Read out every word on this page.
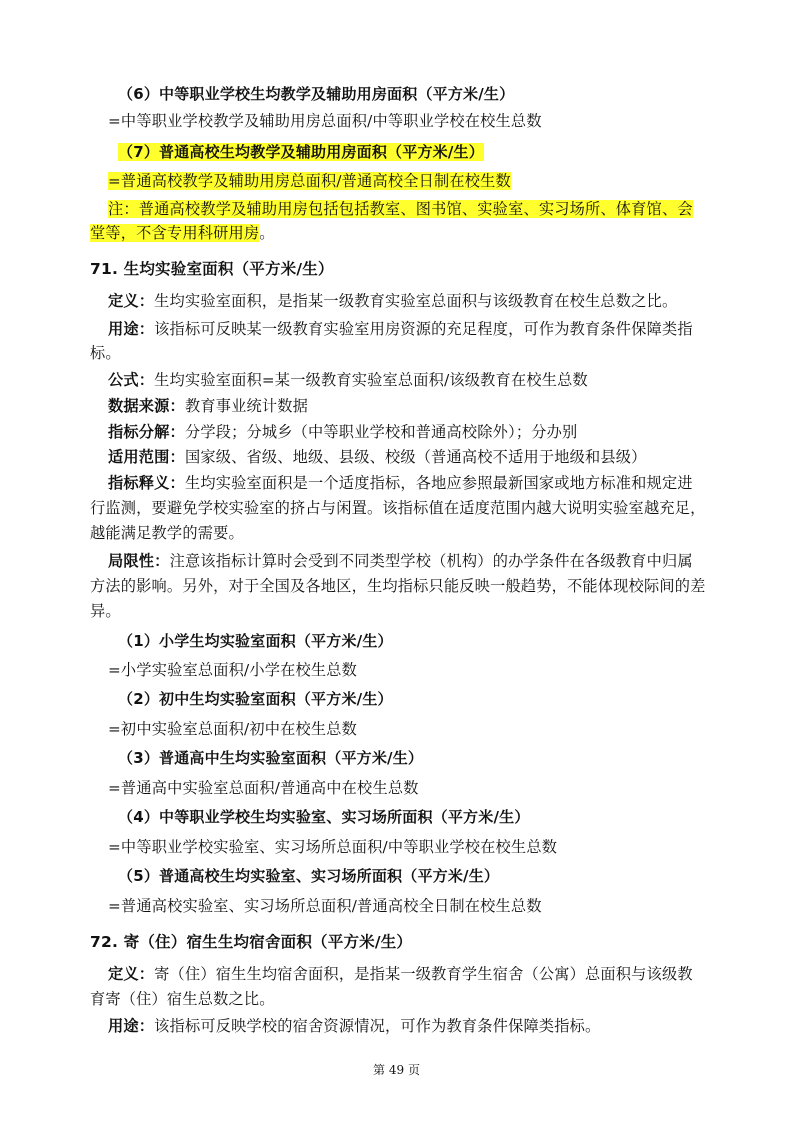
（6）中等职业学校生均教学及辅助用房面积（平方米/生）
=中等职业学校教学及辅助用房总面积/中等职业学校在校生总数
（7）普通高校生均教学及辅助用房面积（平方米/生）
=普通高校教学及辅助用房总面积/普通高校全日制在校生数
注：普通高校教学及辅助用房包括包括教室、图书馆、实验室、实习场所、体育馆、会
堂等，不含专用科研用房。
71. 生均实验室面积（平方米/生）
定义：生均实验室面积，是指某一级教育实验室总面积与该级教育在校生总数之比。
用途：该指标可反映某一级教育实验室用房资源的充足程度，可作为教育条件保障类指
标。
公式：生均实验室面积=某一级教育实验室总面积/该级教育在校生总数
数据来源：教育事业统计数据
指标分解：分学段；分城乡（中等职业学校和普通高校除外）；分办别
适用范围：国家级、省级、地级、县级、校级（普通高校不适用于地级和县级）
指标释义：生均实验室面积是一个适度指标，各地应参照最新国家或地方标准和规定进
行监测，要避免学校实验室的挤占与闲置。该指标值在适度范围内越大说明实验室越充足，
越能满足教学的需要。
局限性：注意该指标计算时会受到不同类型学校（机构）的办学条件在各级教育中归属
方法的影响。另外，对于全国及各地区，生均指标只能反映一般趋势，不能体现校际间的差
异。
（1）小学生均实验室面积（平方米/生）
=小学实验室总面积/小学在校生总数
（2）初中生均实验室面积（平方米/生）
=初中实验室总面积/初中在校生总数
（3）普通高中生均实验室面积（平方米/生）
=普通高中实验室总面积/普通高中在校生总数
（4）中等职业学校生均实验室、实习场所面积（平方米/生）
=中等职业学校实验室、实习场所总面积/中等职业学校在校生总数
（5）普通高校生均实验室、实习场所面积（平方米/生）
=普通高校实验室、实习场所总面积/普通高校全日制在校生总数
72. 寄（住）宿生生均宿舍面积（平方米/生）
定义：寄（住）宿生生均宿舍面积，是指某一级教育学生宿舍（公寓）总面积与该级教
育寄（住）宿生总数之比。
用途：该指标可反映学校的宿舍资源情况，可作为教育条件保障类指标。
第 49 页
